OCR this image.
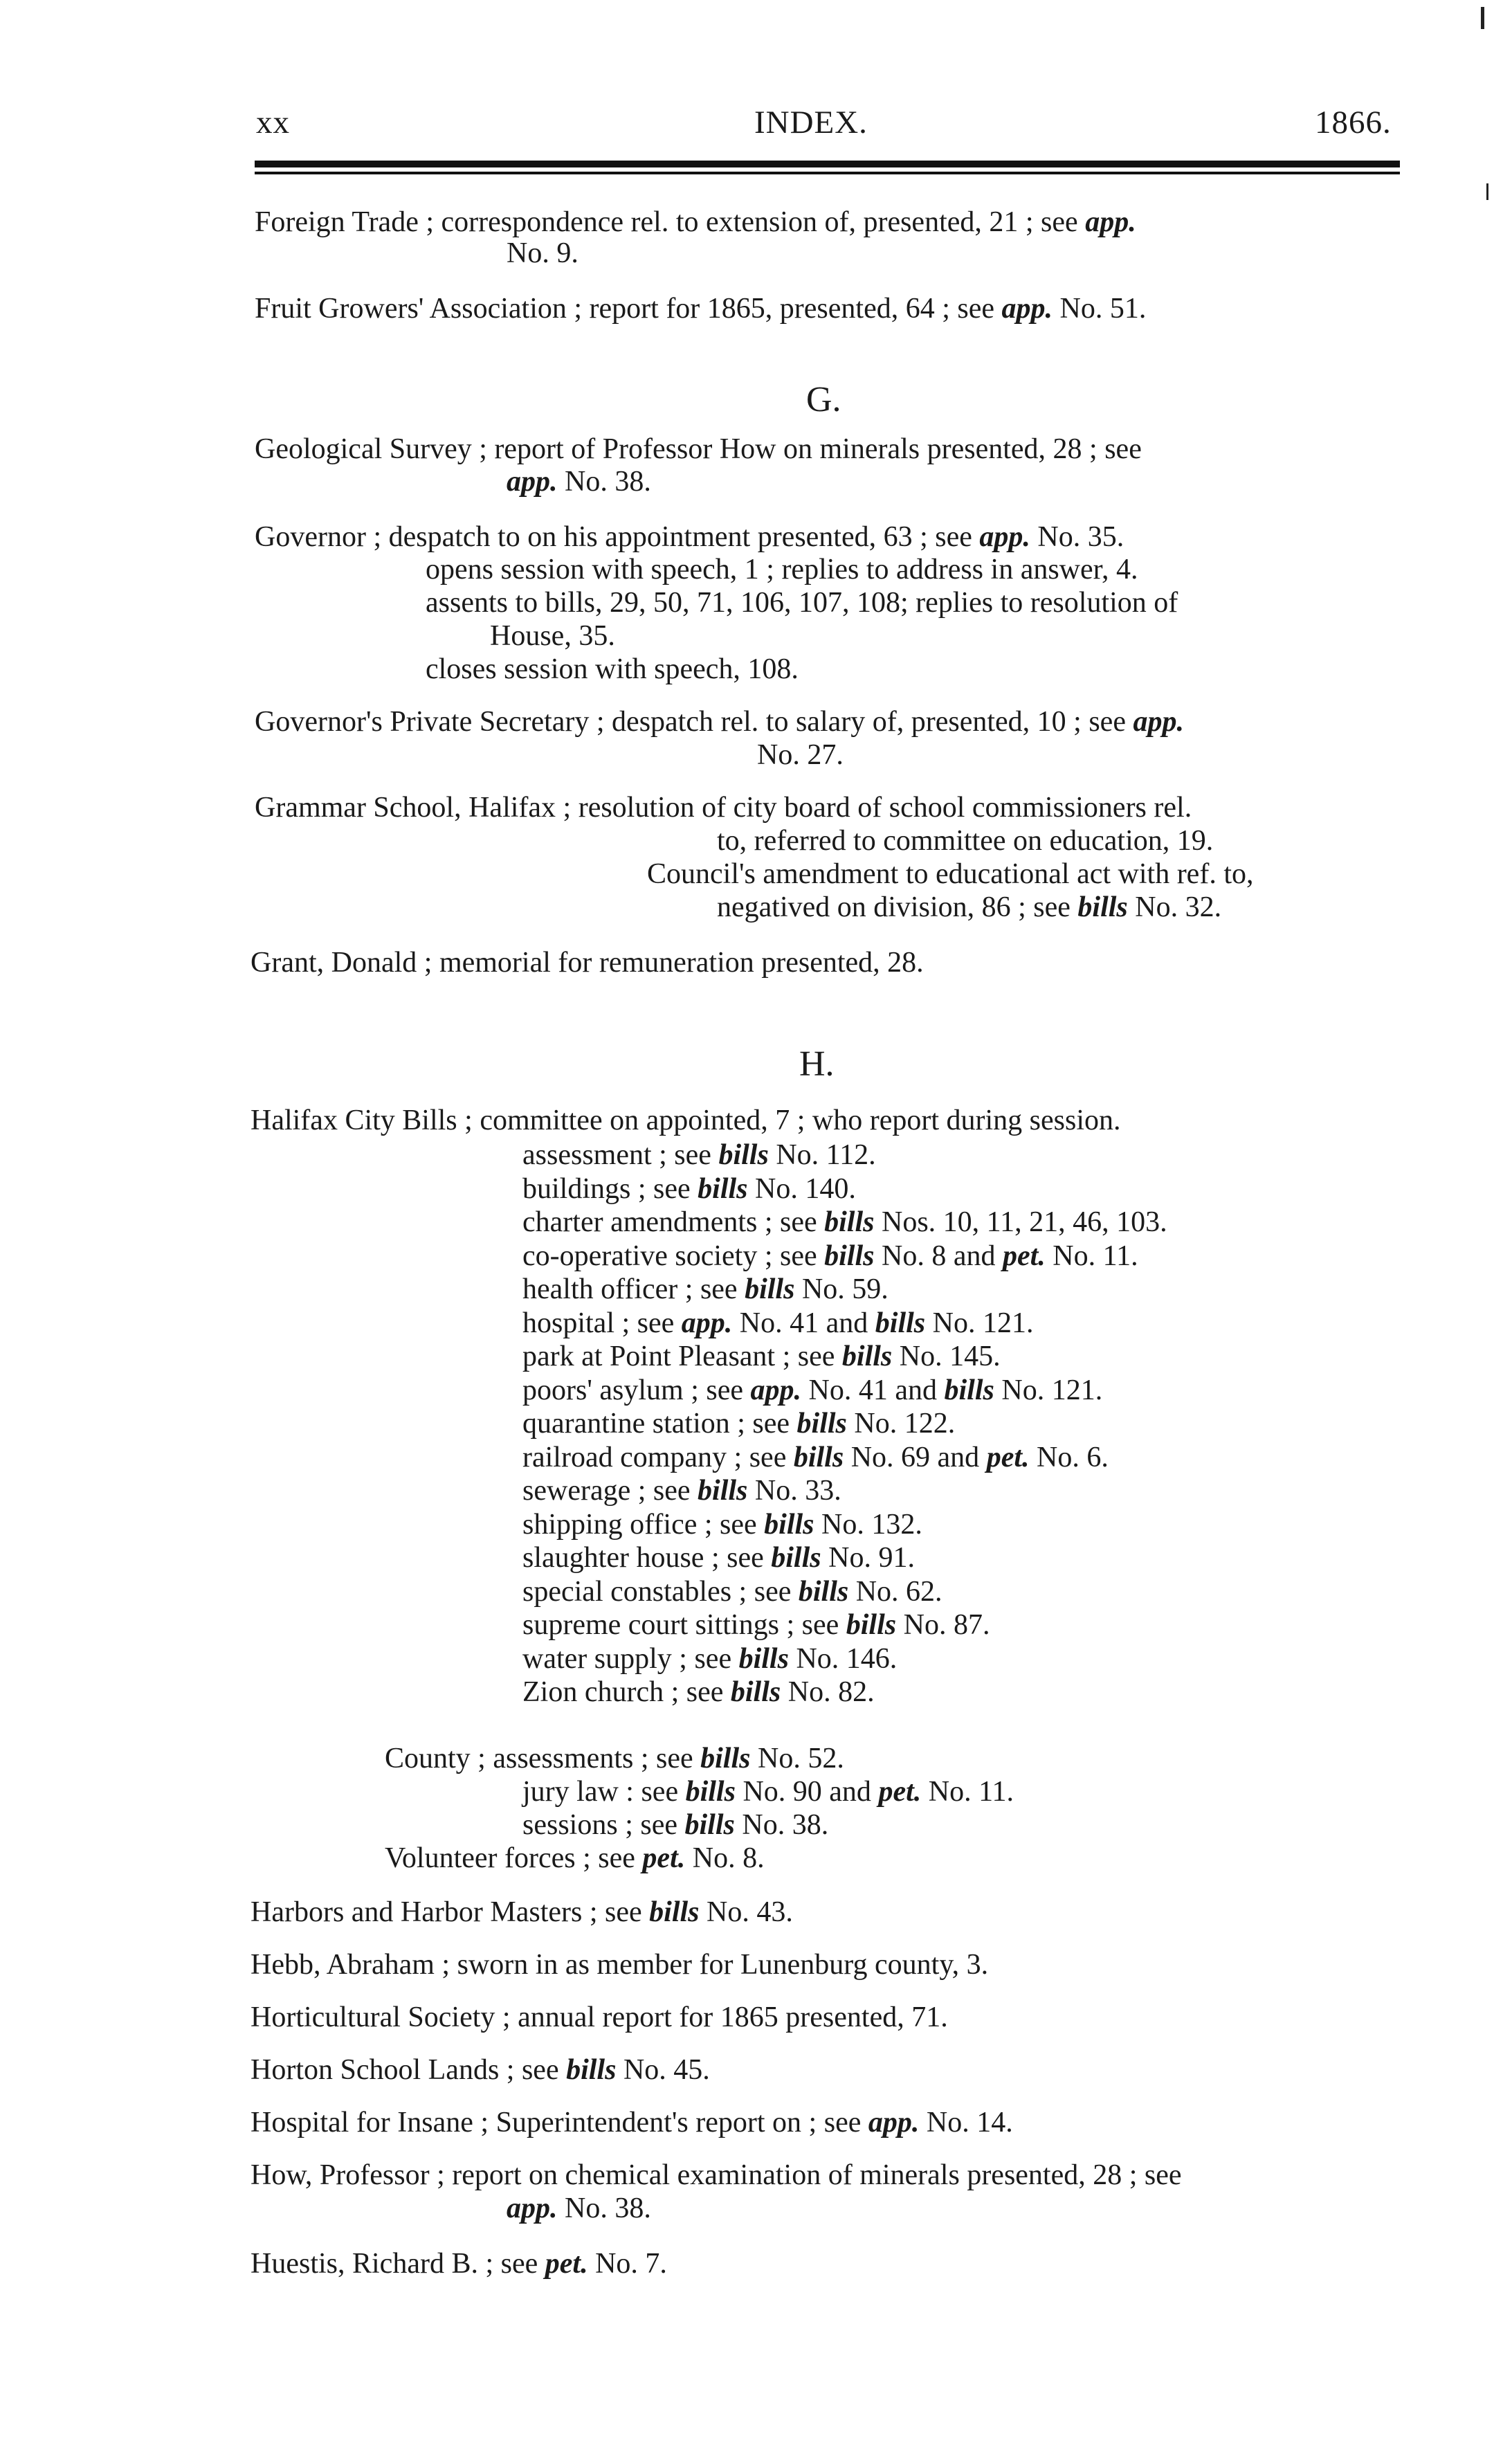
xx	INDEX.	1866.
Foreign Trade ; correspondence rel. to extension of, presented, 21 ; see app.
No. 9.
Fruit Growers' Association ; report for 1865, presented, 64 ; see app. No. 51.
G.
Geological Survey ; report of Professor How on minerals presented, 28 ; see
app. No. 38.
Governor ; despatch to on his appointment presented, 63 ; see app. No. 35.
opens session with speech, 1 ; replies to address in answer, 4.
assents to bills, 29, 50, 71, 106, 107, 108; replies to resolution of
House, 35.
closes session with speech, 108.
Governor's Private Secretary ; despatch rel. to salary of, presented, 10 ; see app.
No. 27.
Grammar School, Halifax ; resolution of city board of school commissioners rel.
to, referred to committee on education, 19.
Council's amendment to educational act with ref. to,
negatived on division, 86 ; see bills No. 32.
Grant, Donald ; memorial for remuneration presented, 28.
H.
Halifax City Bills ; committee on appointed, 7 ; who report during session.
assessment ; see bills No. 112.
buildings ; see bills No. 140.
charter amendments ; see bills Nos. 10, 11, 21, 46, 103.
co-operative society ; see bills No. 8 and pet. No. 11.
health officer ; see bills No. 59.
hospital ; see app. No. 41 and bills No. 121.
park at Point Pleasant ; see bills No. 145.
poors' asylum ; see app. No. 41 and bills No. 121.
quarantine station ; see bills No. 122.
railroad company ; see bills No. 69 and pet. No. 6.
sewerage ; see bills No. 33.
shipping office ; see bills No. 132.
slaughter house ; see bills No. 91.
special constables ; see bills No. 62.
supreme court sittings ; see bills No. 87.
water supply ; see bills No. 146.
Zion church ; see bills No. 82.
County ; assessments ; see bills No. 52.
jury law : see bills No. 90 and pet. No. 11.
sessions ; see bills No. 38.
Volunteer forces ; see pet. No. 8.
Harbors and Harbor Masters ; see bills No. 43.
Hebb, Abraham ; sworn in as member for Lunenburg county, 3.
Horticultural Society ; annual report for 1865 presented, 71.
Horton School Lands ; see bills No. 45.
Hospital for Insane ; Superintendent's report on ; see app. No. 14.
How, Professor ; report on chemical examination of minerals presented, 28 ; see
app. No. 38.
Huestis, Richard B. ; see pet. No. 7.
